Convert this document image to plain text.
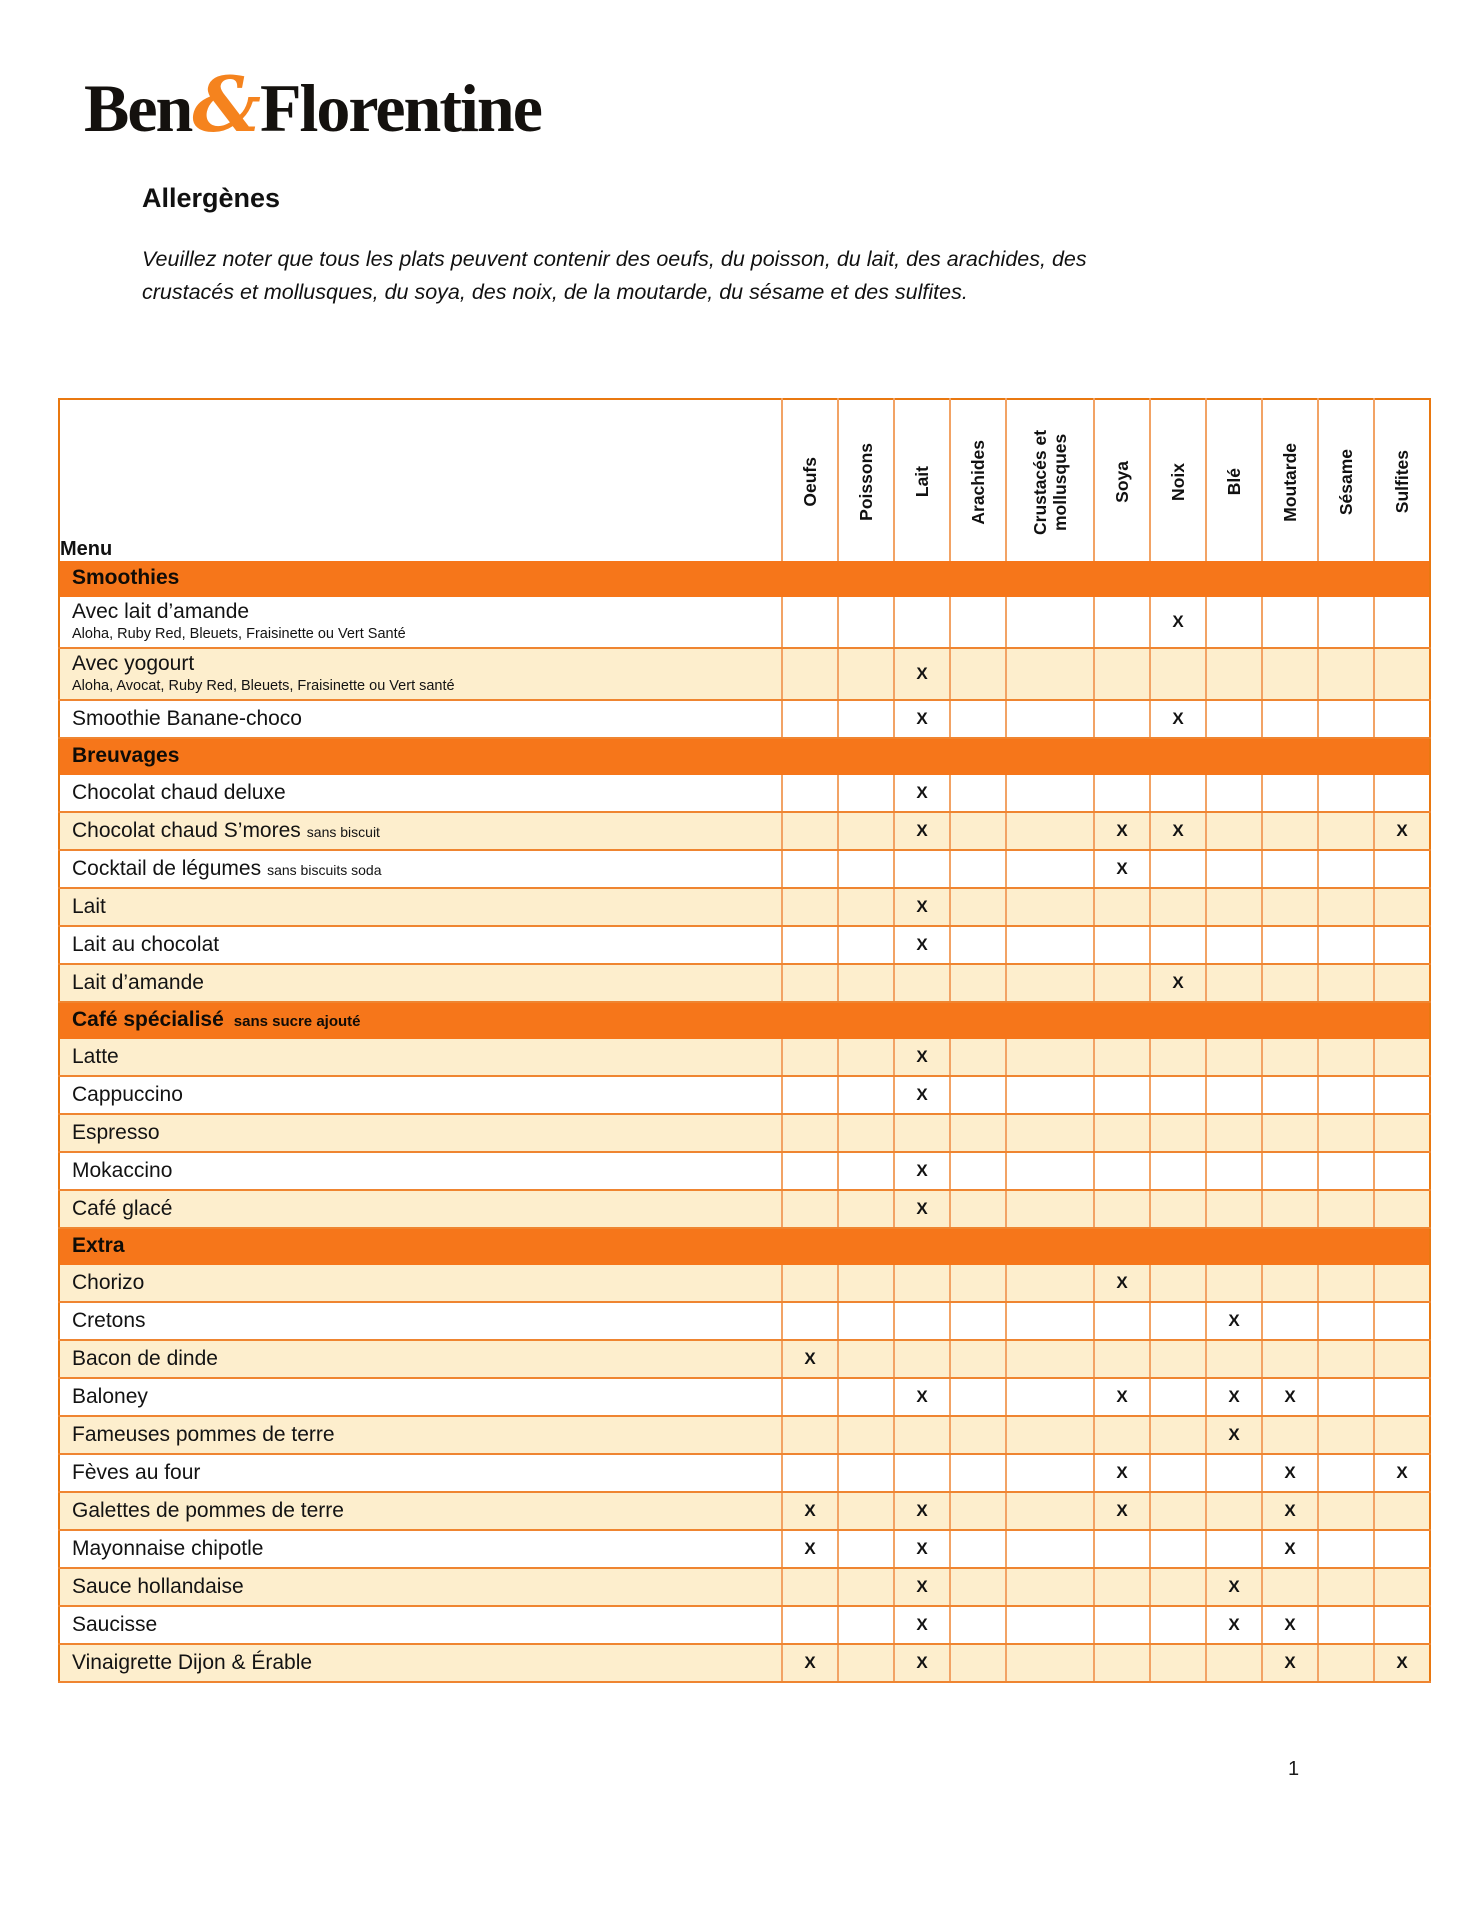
Ben&Florentine
Allergènes

Veuillez noter que tous les plats peuvent contenir des oeufs, du poisson, du lait, des arachides, des crustacés et mollusques, du soya, des noix, de la moutarde, du sésame et des sulfites.

Menu	Oeufs	Poissons	Lait	Arachides	Crustacés et mollusques	Soya	Noix	Blé	Moutarde	Sésame	Sulfites
Smoothies											

Avec lait d’amande
Aloha, Ruby Red, Bleuets, Fraisinette ou Vert Santé							X				

Avec yogourt
Aloha, Avocat, Ruby Red, Bleuets, Fraisinette ou Vert santé			X								

Smoothie Banane-choco			X				X				
Breuvages											

Chocolat chaud deluxe			X								

Chocolat chaud S’mores sans biscuit			X			X	X				X

Cocktail de légumes sans biscuits soda						X					

Lait			X								

Lait au chocolat			X								

Lait d’amande							X				
Café spécialisé sans sucre ajouté											

Latte			X								

Cappuccino			X								

Espresso											

Mokaccino			X								

Café glacé			X								
Extra											

Chorizo						X					

Cretons								X			

Bacon de dinde	X										

Baloney			X			X		X	X		

Fameuses pommes de terre								X			

Fèves au four						X			X		X

Galettes de pommes de terre	X		X			X			X		

Mayonnaise chipotle	X		X						X		

Sauce hollandaise			X					X			

Saucisse			X					X	X		

Vinaigrette Dijon & Érable	X		X						X		X
1
